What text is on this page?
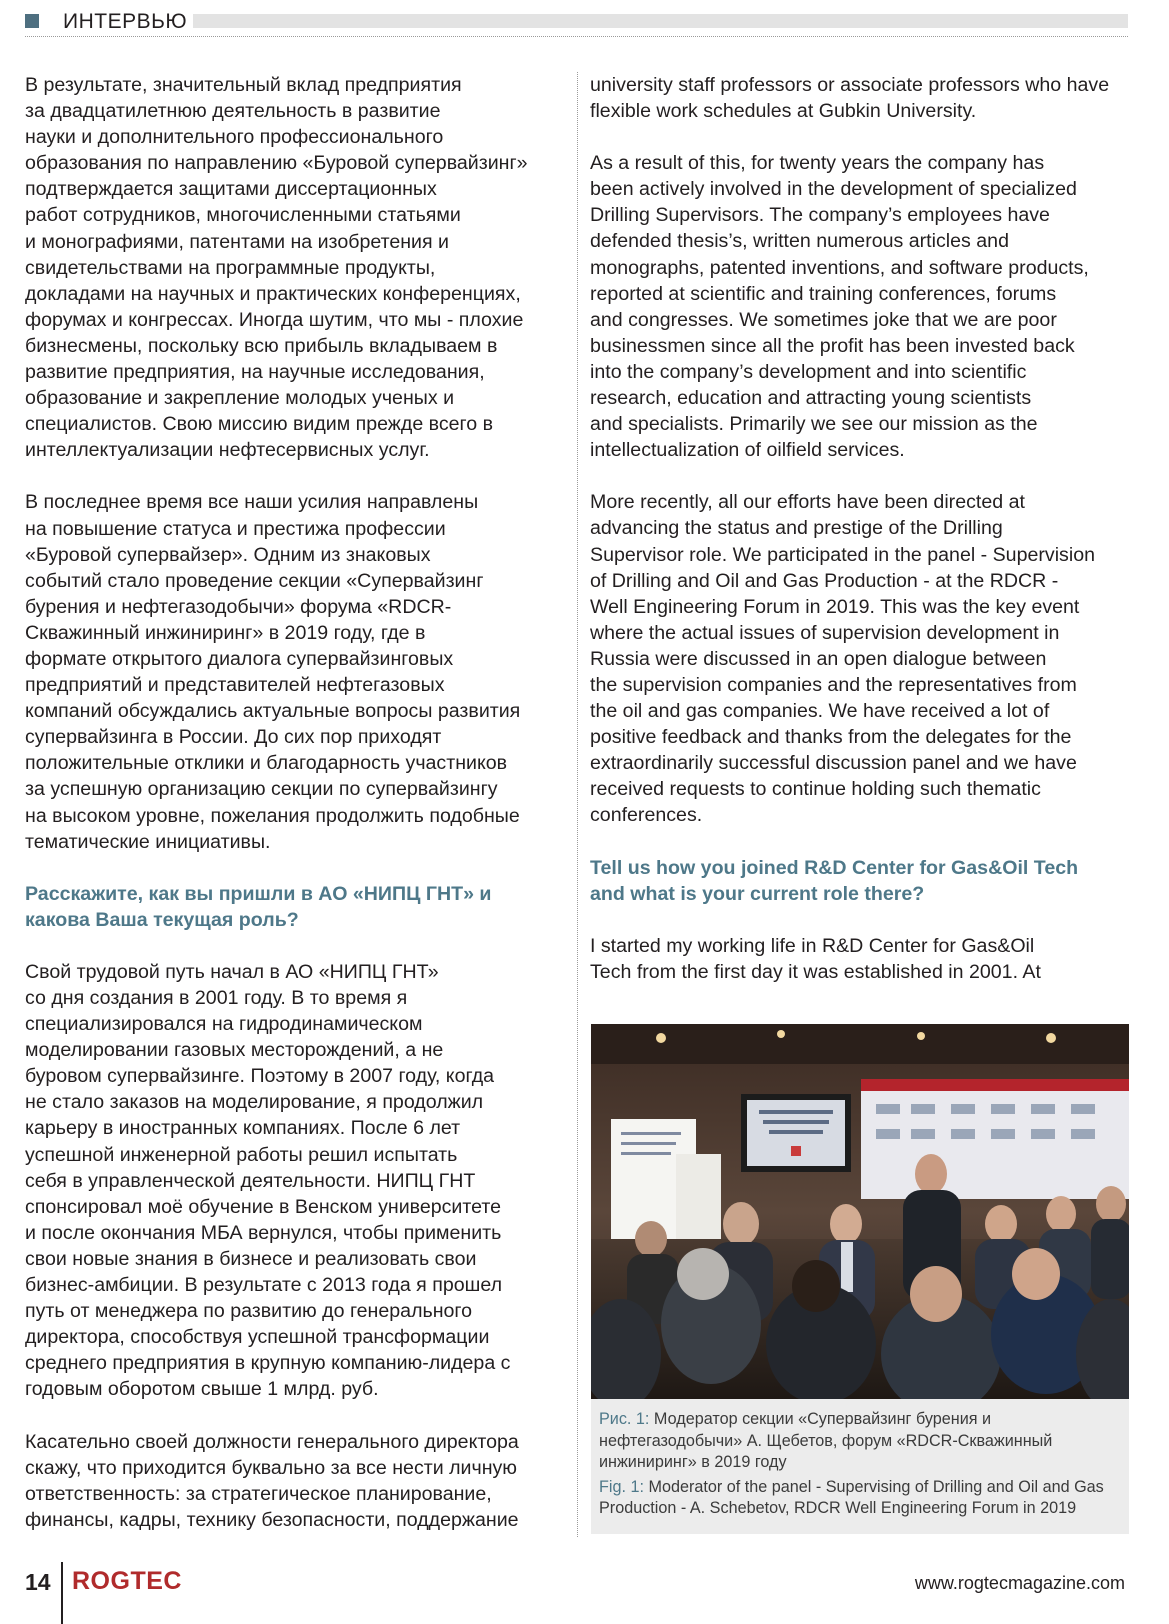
ИНТЕРВЬЮ

В результате, значительный вклад предприятия
за двадцатилетнюю деятельность в развитие
науки и дополнительного профессионального
образования по направлению «Буровой супервайзинг»
подтверждается защитами диссертационных
работ сотрудников, многочисленными статьями
и монографиями, патентами на изобретения и
свидетельствами на программные продукты,
докладами на научных и практических конференциях,
форумах и конгрессах. Иногда шутим, что мы - плохие
бизнесмены, поскольку всю прибыль вкладываем в
развитие предприятия, на научные исследования,
образование и закрепление молодых ученых и
специалистов. Свою миссию видим прежде всего в
интеллектуализации нефтесервисных услуг.

В последнее время все наши усилия направлены
на повышение статуса и престижа профессии
«Буровой супервайзер». Одним из знаковых
событий стало проведение секции «Супервайзинг
бурения и нефтегазодобычи» форума «RDCR-
Скважинный инжиниринг» в 2019 году, где в
формате открытого диалога супервайзинговых
предприятий и представителей нефтегазовых
компаний обсуждались актуальные вопросы развития
супервайзинга в России. До сих пор приходят
положительные отклики и благодарность участников
за успешную организацию секции по супервайзингу
на высоком уровне, пожелания продолжить подобные
тематические инициативы.

Расскажите, как вы пришли в АО «НИПЦ ГНТ» и
какова Ваша текущая роль?

Свой трудовой путь начал в АО «НИПЦ ГНТ»
со дня создания в 2001 году. В то время я
специализировался на гидродинамическом
моделировании газовых месторождений, а не
буровом супервайзинге. Поэтому в 2007 году, когда
не стало заказов на моделирование, я продолжил
карьеру в иностранных компаниях. После 6 лет
успешной инженерной работы решил испытать
себя в управленческой деятельности. НИПЦ ГНТ
спонсировал моё обучение в Венском университете
и после окончания МБА вернулся, чтобы применить
свои новые знания в бизнесе и реализовать свои
бизнес-амбиции. В результате с 2013 года я прошел
путь от менеджера по развитию до генерального
директора, способствуя успешной трансформации
среднего предприятия в крупную компанию-лидера с
годовым оборотом свыше 1 млрд. руб.

Касательно своей должности генерального директора
скажу, что приходится буквально за все нести личную
ответственность: за стратегическое планирование,
финансы, кадры, технику безопасности, поддержание

university staff professors or associate professors who have
flexible work schedules at Gubkin University.

As a result of this, for twenty years the company has
been actively involved in the development of specialized
Drilling Supervisors. The company’s employees have
defended thesis’s, written numerous articles and
monographs, patented inventions, and software products,
reported at scientific and training conferences, forums
and congresses. We sometimes joke that we are poor
businessmen since all the profit has been invested back
into the company’s development and into scientific
research, education and attracting young scientists
and specialists. Primarily we see our mission as the
intellectualization of oilfield services.

More recently, all our efforts have been directed at
advancing the status and prestige of the Drilling
Supervisor role. We participated in the panel - Supervision
of Drilling and Oil and Gas Production - at the RDCR -
Well Engineering Forum in 2019. This was the key event
where the actual issues of supervision development in
Russia were discussed in an open dialogue between
the supervision companies and the representatives from
the oil and gas companies. We have received a lot of
positive feedback and thanks from the delegates for the
extraordinarily successful discussion panel and we have
received requests to continue holding such thematic
conferences.

Tell us how you joined R&D Center for Gas&Oil Tech
and what is your current role there?

I started my working life in R&D Center for Gas&Oil
Tech from the first day it was established in 2001. At

Рис. 1: Модератор секции «Супервайзинг бурения и
нефтегазодобычи» А. Щебетов, форум «RDCR-Скважинный
инжиниринг» в 2019 году
Fig. 1: Moderator of the panel - Supervising of Drilling and Oil and Gas
Production - A. Schebetov, RDCR Well Engineering Forum in 2019
14 ROGTEC	www.rogtecmagazine.com
